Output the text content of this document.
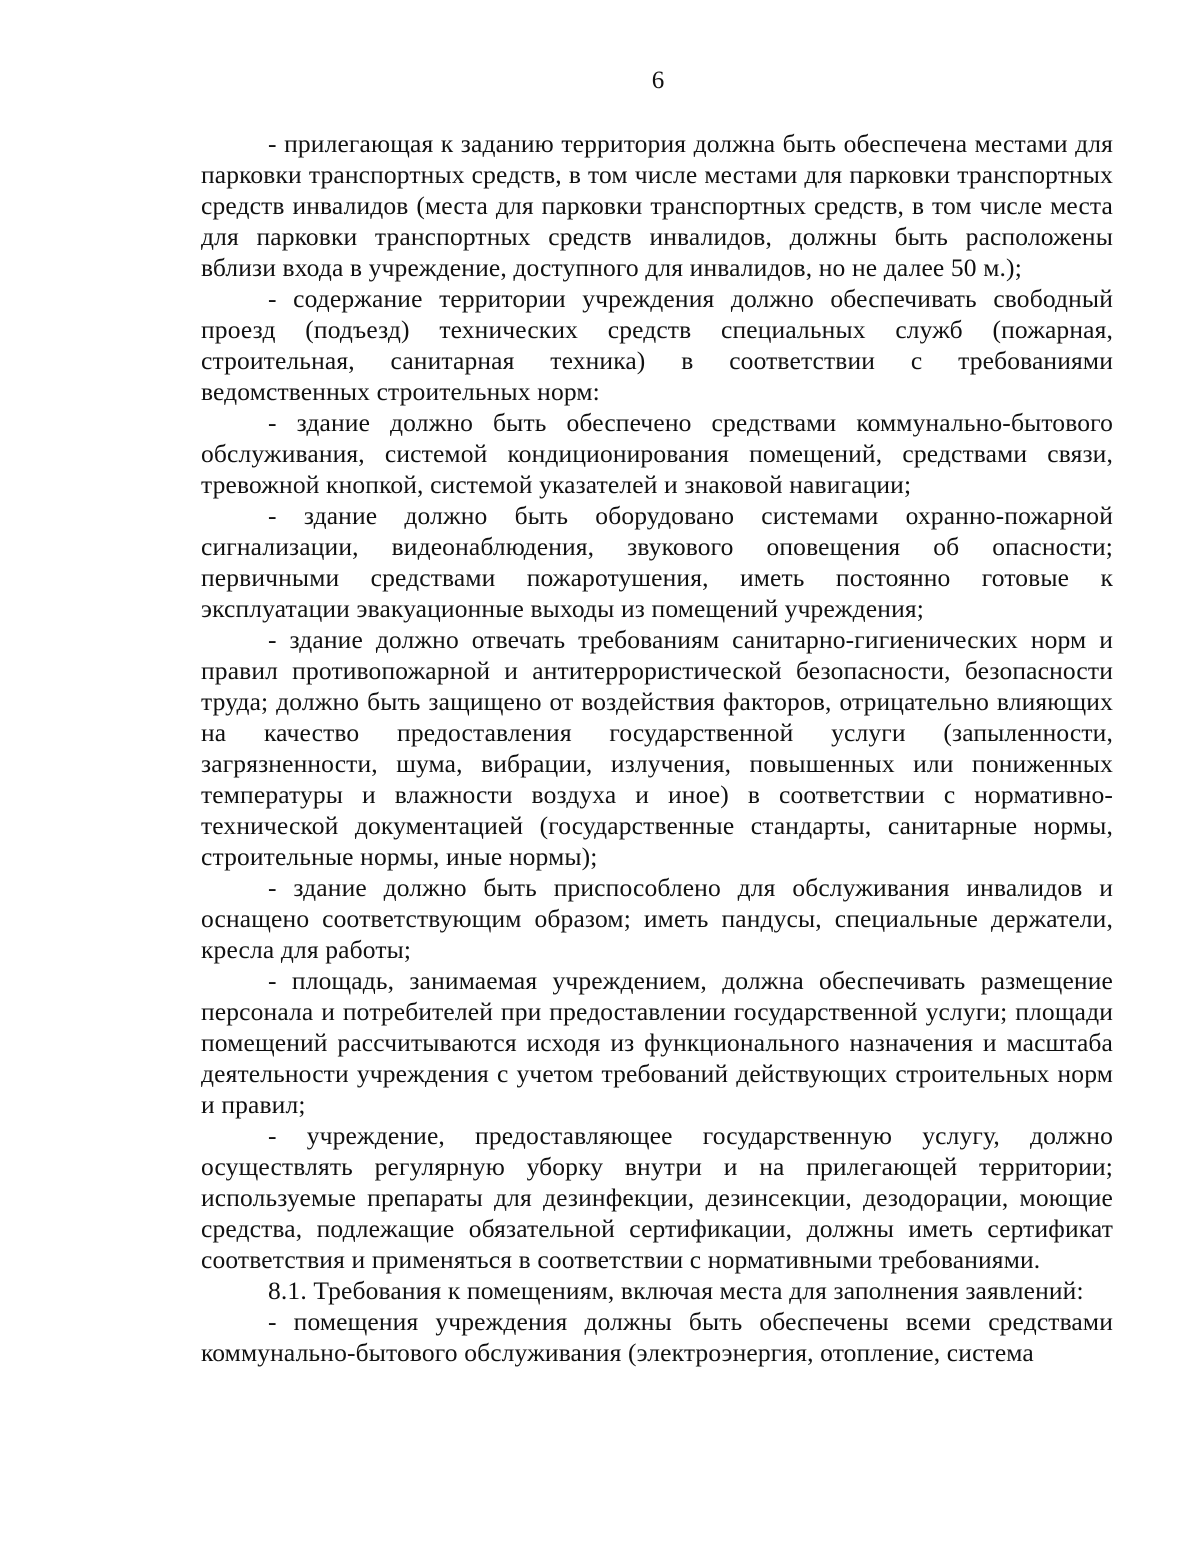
6

- прилегающая к заданию территория должна быть обеспечена местами для парковки транспортных средств, в том числе местами для парковки транспортных средств инвалидов (места для парковки транспортных средств, в том числе места для парковки транспортных средств инвалидов, должны быть расположены вблизи входа в учреждение, доступного для инвалидов, но не далее 50 м.);

- содержание территории учреждения должно обеспечивать свободный проезд (подъезд) технических средств специальных служб (пожарная, строительная, санитарная техника) в соответствии с требованиями ведомственных строительных норм:

- здание должно быть обеспечено средствами коммунально-бытового обслуживания, системой кондиционирования помещений, средствами связи, тревожной кнопкой, системой указателей и знаковой навигации;

- здание должно быть оборудовано системами охранно-пожарной сигнализации, видеонаблюдения, звукового оповещения об опасности; первичными средствами пожаротушения, иметь постоянно готовые к эксплуатации эвакуационные выходы из помещений учреждения;

- здание должно отвечать требованиям санитарно-гигиенических норм и правил противопожарной и антитеррористической безопасности, безопасности труда; должно быть защищено от воздействия факторов, отрицательно влияющих на качество предоставления государственной услуги (запыленности, загрязненности, шума, вибрации, излучения, повышенных или пониженных температуры и влажности воздуха и иное) в соответствии с нормативно-технической документацией (государственные стандарты, санитарные нормы, строительные нормы, иные нормы);

- здание должно быть приспособлено для обслуживания инвалидов и оснащено соответствующим образом; иметь пандусы, специальные держатели, кресла для работы;

- площадь, занимаемая учреждением, должна обеспечивать размещение персонала и потребителей при предоставлении государственной услуги; площади помещений рассчитываются исходя из функционального назначения и масштаба деятельности учреждения с учетом требований действующих строительных норм и правил;

- учреждение, предоставляющее государственную услугу, должно осуществлять регулярную уборку внутри и на прилегающей территории; используемые препараты для дезинфекции, дезинсекции, дезодорации, моющие средства, подлежащие обязательной сертификации, должны иметь сертификат соответствия и применяться в соответствии с нормативными требованиями.

8.1. Требования к помещениям, включая места для заполнения заявлений:

- помещения учреждения должны быть обеспечены всеми средствами коммунально-бытового обслуживания (электроэнергия, отопление, система
